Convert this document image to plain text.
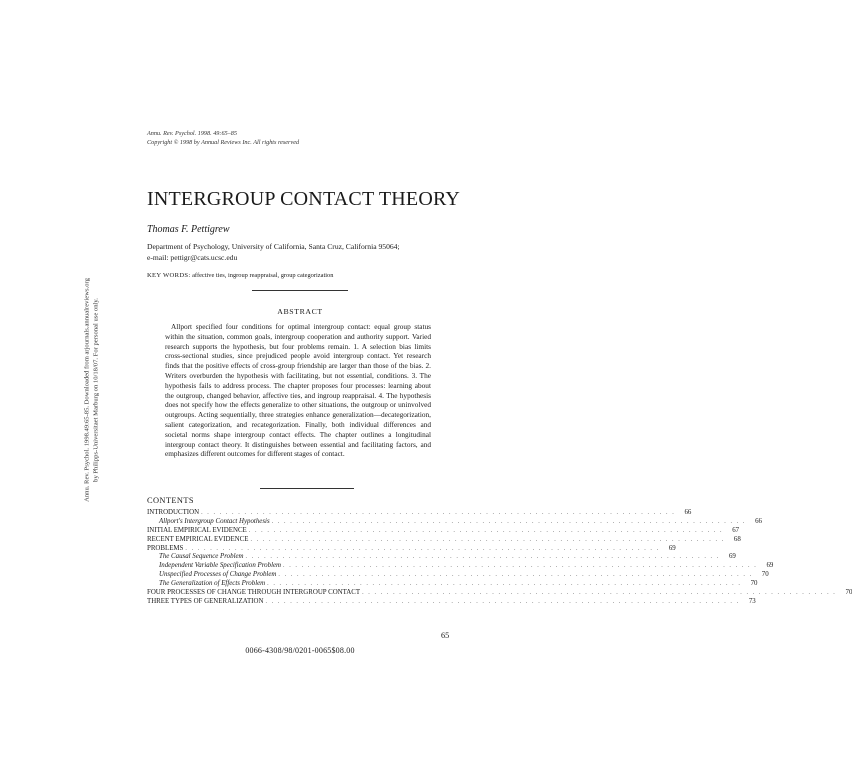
Annu. Rev. Psychol. 1998. 49:65–85
Copyright © 1998 by Annual Reviews Inc. All rights reserved
INTERGROUP CONTACT THEORY
Thomas F. Pettigrew
Department of Psychology, University of California, Santa Cruz, California 95064;
e-mail: pettigr@cats.ucsc.edu
KEY WORDS: affective ties, ingroup reappraisal, group categorization
ABSTRACT
Allport specified four conditions for optimal intergroup contact: equal group status within the situation, common goals, intergroup cooperation and authority support. Varied research supports the hypothesis, but four problems remain. 1. A selection bias limits cross-sectional studies, since prejudiced people avoid intergroup contact. Yet research finds that the positive effects of cross-group friendship are larger than those of the bias. 2. Writers overburden the hypothesis with facilitating, but not essential, conditions. 3. The hypothesis fails to address process. The chapter proposes four processes: learning about the outgroup, changed behavior, affective ties, and ingroup reappraisal. 4. The hypothesis does not specify how the effects generalize to other situations, the outgroup or uninvolved outgroups. Acting sequentially, three strategies enhance generalization—decategorization, salient categorization, and recategorization. Finally, both individual differences and societal norms shape intergroup contact effects. The chapter outlines a longitudinal intergroup contact theory. It distinguishes between essential and facilitating factors, and emphasizes different outcomes for different stages of contact.
CONTENTS
INTRODUCTION . . . . . . . . . . . . . . . . . . . . . . . . . . . . . . . . . . . . . . . . . . . . . . . . . . . . . . . . . . . . . . . . . . . . . . . . . . . . .	66
Allport's Intergroup Contact Hypothesis . . . . . . . . . . . . . . . . . . . . . . . . . . . . . . . . . . . . . . . . . . . . . . . . . . . . . . . . . . . . . . . . . . . . . . . . . . . . .	66
INITIAL EMPIRICAL EVIDENCE . . . . . . . . . . . . . . . . . . . . . . . . . . . . . . . . . . . . . . . . . . . . . . . . . . . . . . . . . . . . . . . . . . . . . . . . . . . . .	67
RECENT EMPIRICAL EVIDENCE . . . . . . . . . . . . . . . . . . . . . . . . . . . . . . . . . . . . . . . . . . . . . . . . . . . . . . . . . . . . . . . . . . . . . . . . . . . . .	68
PROBLEMS . . . . . . . . . . . . . . . . . . . . . . . . . . . . . . . . . . . . . . . . . . . . . . . . . . . . . . . . . . . . . . . . . . . . . . . . . . . . .	69
The Causal Sequence Problem . . . . . . . . . . . . . . . . . . . . . . . . . . . . . . . . . . . . . . . . . . . . . . . . . . . . . . . . . . . . . . . . . . . . . . . . . . . . .	69
Independent Variable Specification Problem . . . . . . . . . . . . . . . . . . . . . . . . . . . . . . . . . . . . . . . . . . . . . . . . . . . . . . . . . . . . . . . . . . . . . . . . . . . . .	69
Unspecified Processes of Change Problem . . . . . . . . . . . . . . . . . . . . . . . . . . . . . . . . . . . . . . . . . . . . . . . . . . . . . . . . . . . . . . . . . . . . . . . . . . . . .	70
The Generalization of Effects Problem . . . . . . . . . . . . . . . . . . . . . . . . . . . . . . . . . . . . . . . . . . . . . . . . . . . . . . . . . . . . . . . . . . . . . . . . . . . . .	70
FOUR PROCESSES OF CHANGE THROUGH INTERGROUP CONTACT . . . . . . . . . . . . . . . . . . . . . . . . . . . . . . . . . . . . . . . . . . . . . . . . . . . . . . . . . . . . . . . . . . . . . . . . . . . . .	70
THREE TYPES OF GENERALIZATION . . . . . . . . . . . . . . . . . . . . . . . . . . . . . . . . . . . . . . . . . . . . . . . . . . . . . . . . . . . . . . . . . . . . . . . . . . . . .	73
65
0066-4308/98/0201-0065$08.00
Annu. Rev. Psychol. 1998.49:65-85. Downloaded from arjournals.annualreviews.org by Philipps-Universitaet Marburg on 10/18/07. For personal use only.
